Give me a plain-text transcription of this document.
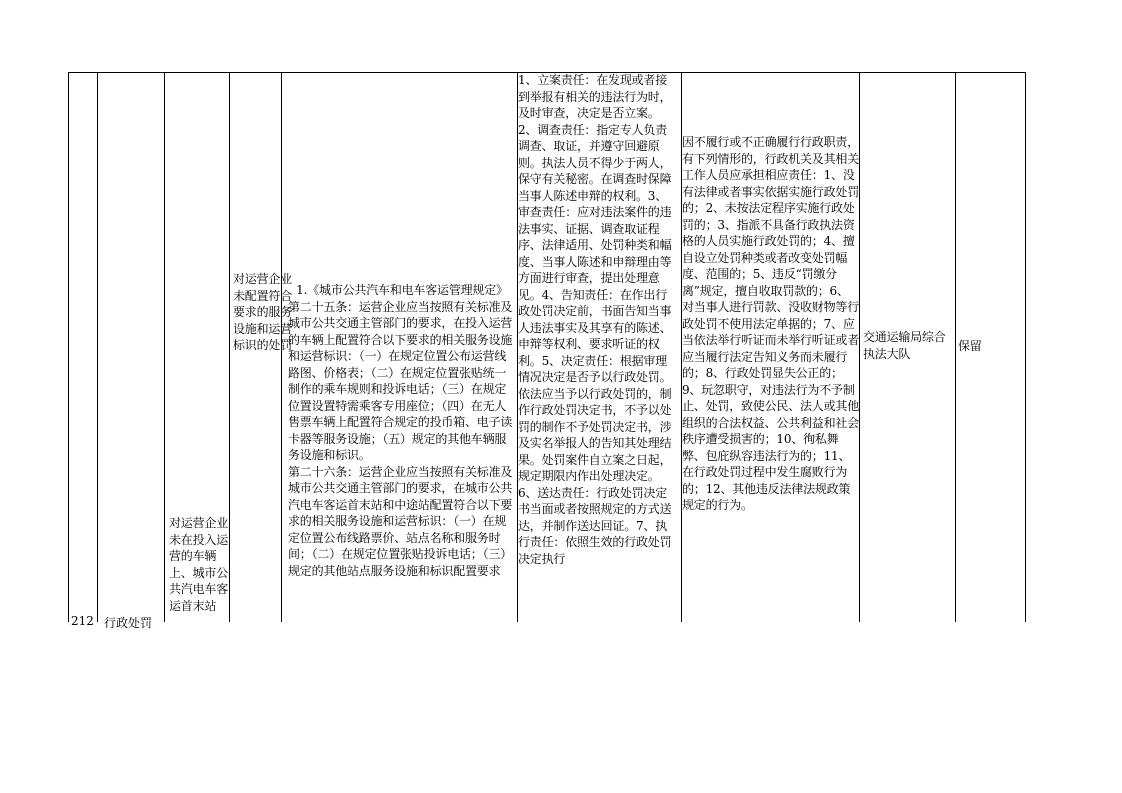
212 行政处罚
对运营企业未在投入运营的车辆上、城市公共汽电车客运首末站
对运营企业未配置符合要求的服务设施和运营标识的处罚

1.《城市公共汽车和电车客运管理规定》

第二十五条：运营企业应当按照有关标准及城市公共交通主管部门的要求，在投入运营的车辆上配置符合以下要求的相关服务设施和运营标识：（一）在规定位置公布运营线路图、价格表；（二）在规定位置张贴统一制作的乘车规则和投诉电话；（三）在规定位置设置特需乘客专用座位；（四）在无人售票车辆上配置符合规定的投币箱、电子读卡器等服务设施；（五）规定的其他车辆服务设施和标识。

第二十六条：运营企业应当按照有关标准及城市公共交通主管部门的要求，在城市公共汽电车客运首末站和中途站配置符合以下要求的相关服务设施和运营标识：（一）在规定位置公布线路票价、站点名称和服务时间；（二）在规定位置张贴投诉电话；（三）规定的其他站点服务设施和标识配置要求

1、立案责任：在发现或者接到举报有相关的违法行为时，及时审查，决定是否立案。2、调查责任：指定专人负责调查、取证，并遵守回避原则。执法人员不得少于两人，保守有关秘密。在调查时保障当事人陈述申辩的权利。3、审查责任：应对违法案件的违法事实、证据、调查取证程序、法律适用、处罚种类和幅度、当事人陈述和申辩理由等方面进行审查，提出处理意见。4、告知责任：在作出行政处罚决定前，书面告知当事人违法事实及其享有的陈述、申辩等权利、要求听证的权利。5、决定责任：根据审理情况决定是否予以行政处罚。依法应当予以行政处罚的，制作行政处罚决定书，不予以处罚的制作不予处罚决定书，涉及实名举报人的告知其处理结果。处罚案件自立案之日起，规定期限内作出处理决定。

6、送达责任：行政处罚决定书当面或者按照规定的方式送达，并制作送达回证。7、执行责任：依照生效的行政处罚决定执行

因不履行或不正确履行行政职责，有下列情形的，行政机关及其相关工作人员应承担相应责任：1、没有法律或者事实依据实施行政处罚的；2、未按法定程序实施行政处罚的；3、指派不具备行政执法资格的人员实施行政处罚的；4、擅自设立处罚种类或者改变处罚幅度、范围的；5、违反“罚缴分离”规定，擅自收取罚款的；6、对当事人进行罚款、没收财物等行政处罚不使用法定单据的；7、应当依法举行听证而未举行听证或者应当履行法定告知义务而未履行的；8、行政处罚显失公正的；9、玩忽职守，对违法行为不予制止、处罚，致使公民、法人或其他组织的合法权益、公共利益和社会秩序遭受损害的；10、徇私舞弊、包庇纵容违法行为的；11、在行政处罚过程中发生腐败行为的；12、其他违反法律法规政策规定的行为。

交通运输局综合执法大队
保留
